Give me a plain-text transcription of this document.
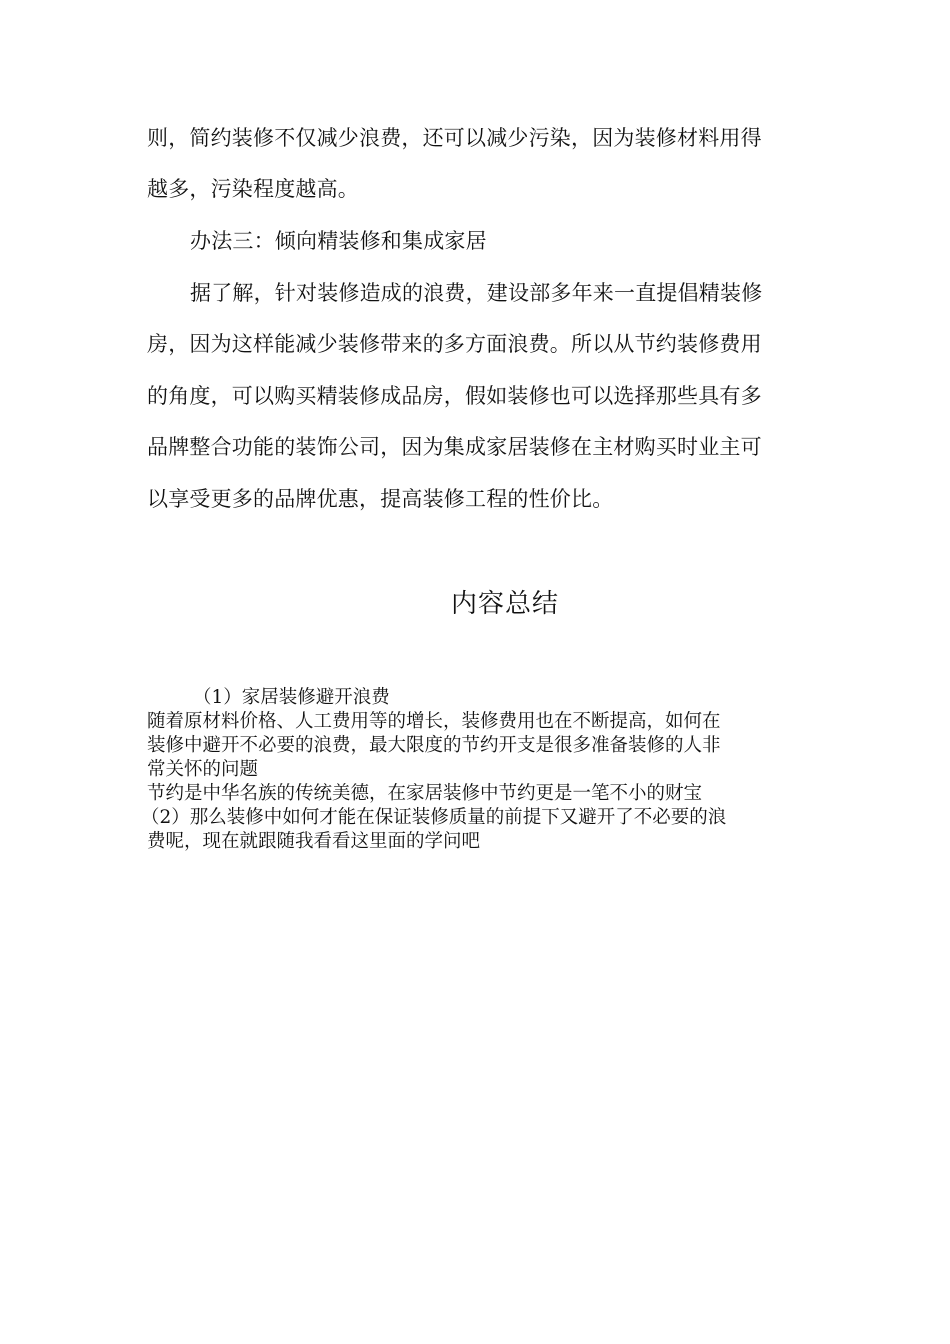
则，简约装修不仅减少浪费，还可以减少污染，因为装修材料用得
越多，污染程度越高。
办法三：倾向精装修和集成家居
据了解，针对装修造成的浪费，建设部多年来一直提倡精装修
房，因为这样能减少装修带来的多方面浪费。所以从节约装修费用
的角度，可以购买精装修成品房，假如装修也可以选择那些具有多
品牌整合功能的装饰公司，因为集成家居装修在主材购买时业主可
以享受更多的品牌优惠，提高装修工程的性价比。
内容总结
（1）家居装修避开浪费
随着原材料价格、人工费用等的增长，装修费用也在不断提高，如何在
装修中避开不必要的浪费，最大限度的节约开支是很多准备装修的人非
常关怀的问题
节约是中华名族的传统美德，在家居装修中节约更是一笔不小的财宝
（2）那么装修中如何才能在保证装修质量的前提下又避开了不必要的浪
费呢，现在就跟随我看看这里面的学问吧
